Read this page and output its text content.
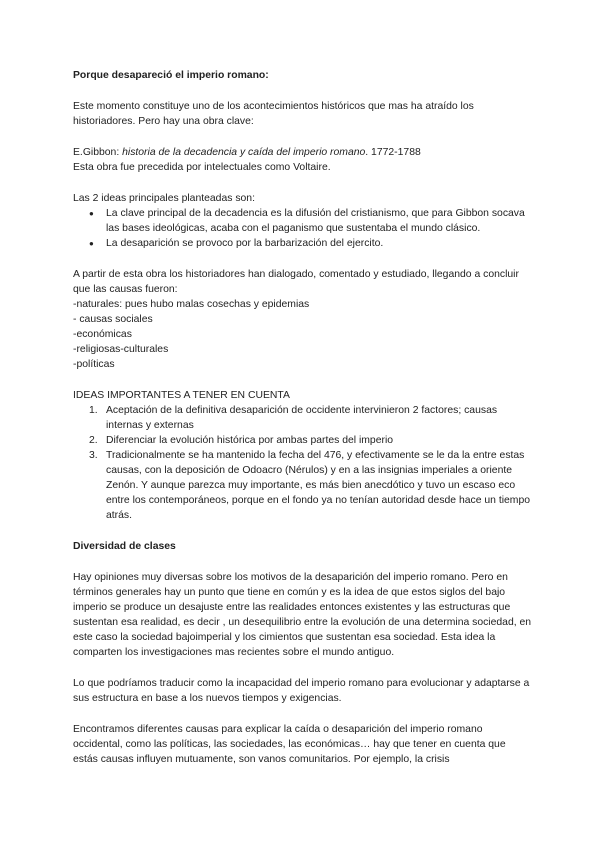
Porque desapareció el imperio romano:

Este momento constituye uno de los acontecimientos históricos que mas ha atraído los historiadores. Pero hay una obra clave:

E.Gibbon: historia de la decadencia y caída del imperio romano. 1772-1788

Esta obra fue precedida por intelectuales como Voltaire.

Las 2 ideas principales planteadas son:

● La clave principal de la decadencia es la difusión del cristianismo, que para Gibbon socava las bases ideológicas, acaba con el paganismo que sustentaba el mundo clásico.
● La desaparición se provoco por la barbarización del ejercito.

A partir de esta obra los historiadores han dialogado, comentado y estudiado, llegando a concluir que las causas fueron:

-naturales: pues hubo malas cosechas y epidemias

- causas sociales

-económicas

-religiosas-culturales

-políticas

IDEAS IMPORTANTES A TENER EN CUENTA

1. Aceptación de la definitiva desaparición de occidente intervinieron 2 factores; causas internas y externas
2. Diferenciar la evolución histórica por ambas partes del imperio
3. Tradicionalmente se ha mantenido la fecha del 476, y efectivamente se le da la entre estas causas, con la deposición de Odoacro (Nérulos) y en a las insignias imperiales a oriente Zenón. Y aunque parezca muy importante, es más bien anecdótico y tuvo un escaso eco entre los contemporáneos, porque en el fondo ya no tenían autoridad desde hace un tiempo atrás.

Diversidad de clases

Hay opiniones muy diversas sobre los motivos de la desaparición del imperio romano. Pero en términos generales hay un punto que tiene en común y es la idea de que estos siglos del bajo imperio se produce un desajuste entre las realidades entonces existentes y las estructuras que sustentan esa realidad, es decir , un desequilibrio entre la evolución de una determina sociedad, en este caso la sociedad bajoimperial y los cimientos que sustentan esa sociedad. Esta idea la comparten los investigaciones mas recientes sobre el mundo antiguo.

Lo que podríamos traducir como la incapacidad del imperio romano para evolucionar y adaptarse a sus estructura en base a los nuevos tiempos y exigencias.

Encontramos diferentes causas para explicar la caída o desaparición del imperio romano occidental, como las políticas, las sociedades, las económicas… hay que tener en cuenta que estás causas influyen mutuamente, son vanos comunitarios. Por ejemplo, la crisis
